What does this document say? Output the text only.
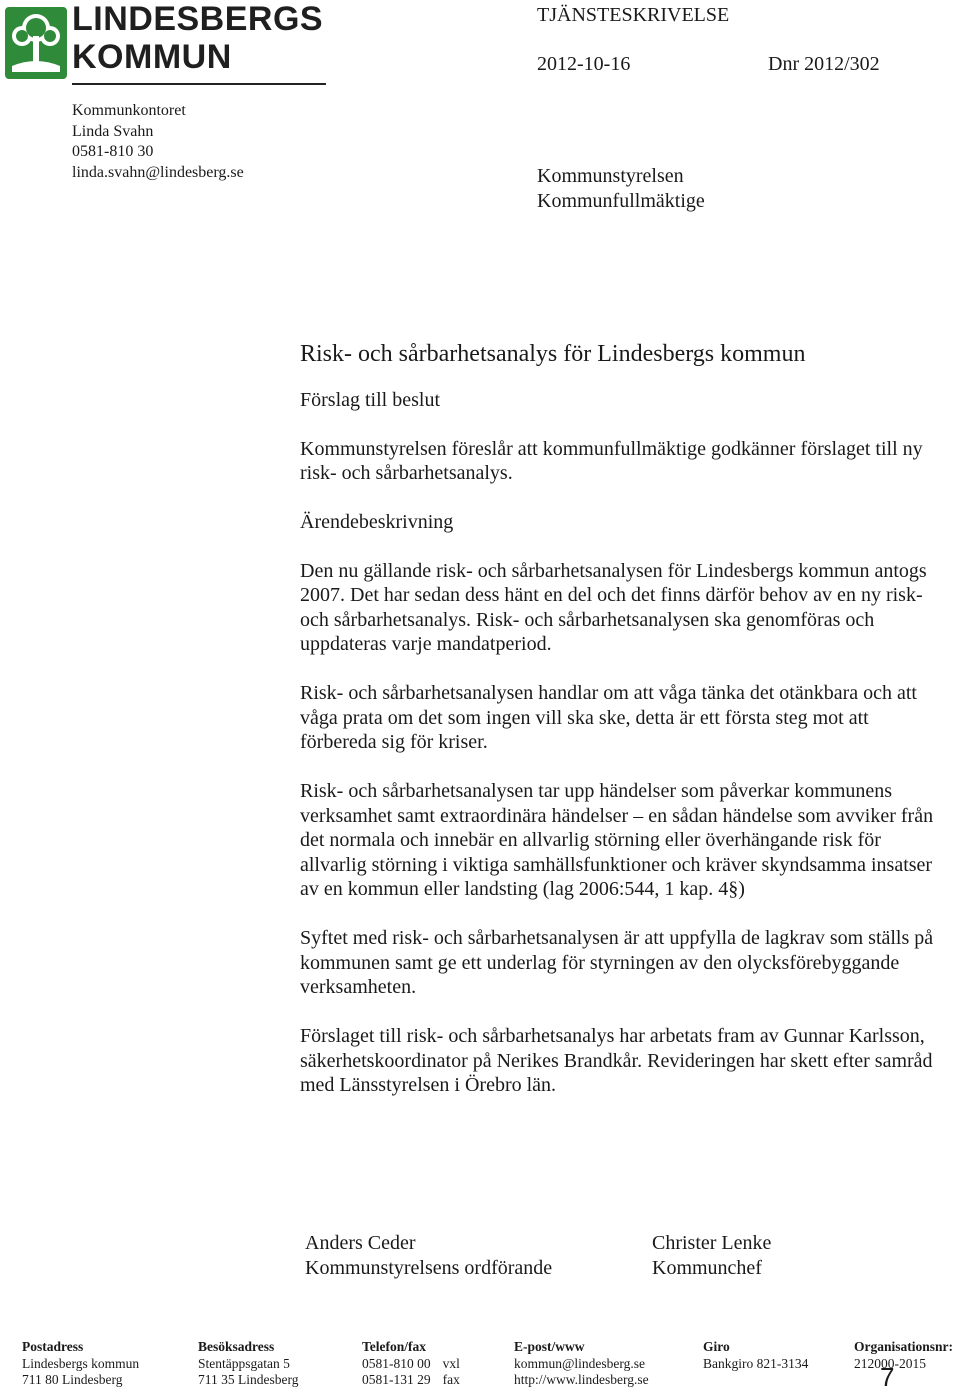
LINDESBERGS
KOMMUN
TJÄNSTESKRIVELSE
2012-10-16	Dnr 2012/302
Kommunkontoret
Linda Svahn
0581-810 30
linda.svahn@lindesberg.se	Kommunstyrelsen
Kommunfullmäktige
Risk- och sårbarhetsanalys för Lindesbergs kommun
Förslag till beslut

Kommunstyrelsen föreslår att kommunfullmäktige godkänner förslaget till ny risk- och sårbarhetsanalys.

Ärendebeskrivning

Den nu gällande risk- och sårbarhetsanalysen för Lindesbergs kommun antogs 2007. Det har sedan dess hänt en del och det finns därför behov av en ny risk- och sårbarhetsanalys. Risk- och sårbarhetsanalysen ska genomföras och uppdateras varje mandatperiod.

Risk- och sårbarhetsanalysen handlar om att våga tänka det otänkbara och att våga prata om det som ingen vill ska ske, detta är ett första steg mot att förbereda sig för kriser.

Risk- och sårbarhetsanalysen tar upp händelser som påverkar kommunens verksamhet samt extraordinära händelser – en sådan händelse som avviker från det normala och innebär en allvarlig störning eller överhängande risk för allvarlig störning i viktiga samhällsfunktioner och kräver skyndsamma insatser av en kommun eller landsting (lag 2006:544, 1 kap. 4§)

Syftet med risk- och sårbarhetsanalysen är att uppfylla de lagkrav som ställs på kommunen samt ge ett underlag för styrningen av den olycksförebyggande verksamheten.

Förslaget till risk- och sårbarhetsanalys har arbetats fram av Gunnar Karlsson, säkerhetskoordinator på Nerikes Brandkår. Revideringen har skett efter samråd med Länsstyrelsen i Örebro län.

Anders Ceder
Kommunstyrelsens ordförande
Christer Lenke
Kommunchef
Postadress
Lindesbergs kommun
711 80 Lindesberg
Besöksadress
Stentäppsgatan 5
711 35 Lindesberg
Telefon/fax
0581-810 00 vxl
0581-131 29 fax
E-post/www
kommun@lindesberg.se
http://www.lindesberg.se
Giro
Bankgiro 821-3134
Organisationsnr:
212000-2015
7
